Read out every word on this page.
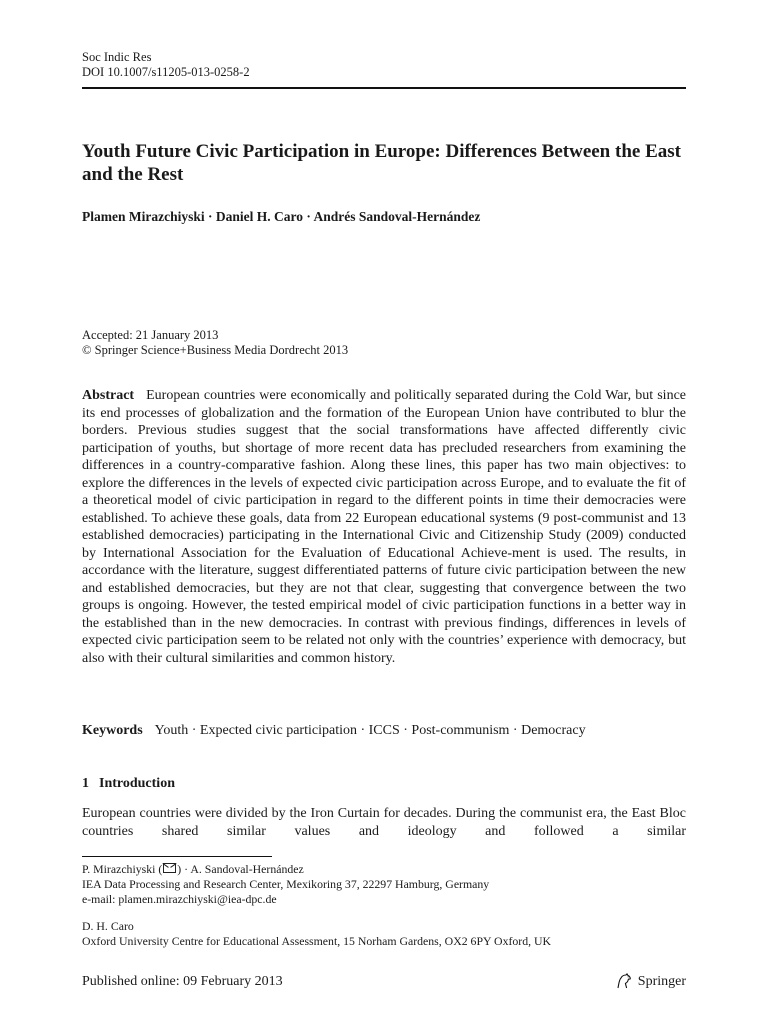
Soc Indic Res
DOI 10.1007/s11205-013-0258-2
Youth Future Civic Participation in Europe: Differences Between the East and the Rest
Plamen Mirazchiyski · Daniel H. Caro · Andrés Sandoval-Hernández
Accepted: 21 January 2013
© Springer Science+Business Media Dordrecht 2013
Abstract European countries were economically and politically separated during the Cold War, but since its end processes of globalization and the formation of the European Union have contributed to blur the borders. Previous studies suggest that the social transformations have affected differently civic participation of youths, but shortage of more recent data has precluded researchers from examining the differences in a country-comparative fashion. Along these lines, this paper has two main objectives: to explore the differences in the levels of expected civic participation across Europe, and to evaluate the fit of a theoretical model of civic participation in regard to the different points in time their democracies were established. To achieve these goals, data from 22 European educational systems (9 post-communist and 13 established democracies) participating in the International Civic and Citizenship Study (2009) conducted by International Association for the Evaluation of Educational Achieve-ment is used. The results, in accordance with the literature, suggest differentiated patterns of future civic participation between the new and established democracies, but they are not that clear, suggesting that convergence between the two groups is ongoing. However, the tested empirical model of civic participation functions in a better way in the established than in the new democracies. In contrast with previous findings, differences in levels of expected civic participation seem to be related not only with the countries’ experience with democracy, but also with their cultural similarities and common history.
Keywords Youth · Expected civic participation · ICCS · Post-communism · Democracy
1 Introduction
European countries were divided by the Iron Curtain for decades. During the communist era, the East Bloc countries shared similar values and ideology and followed a similar
P. Mirazchiyski ( ) · A. Sandoval-Hernández
IEA Data Processing and Research Center, Mexikoring 37, 22297 Hamburg, Germany
e-mail: plamen.mirazchiyski@iea-dpc.de
D. H. Caro
Oxford University Centre for Educational Assessment, 15 Norham Gardens, OX2 6PY Oxford, UK
Published online: 09 February 2013	Springer
